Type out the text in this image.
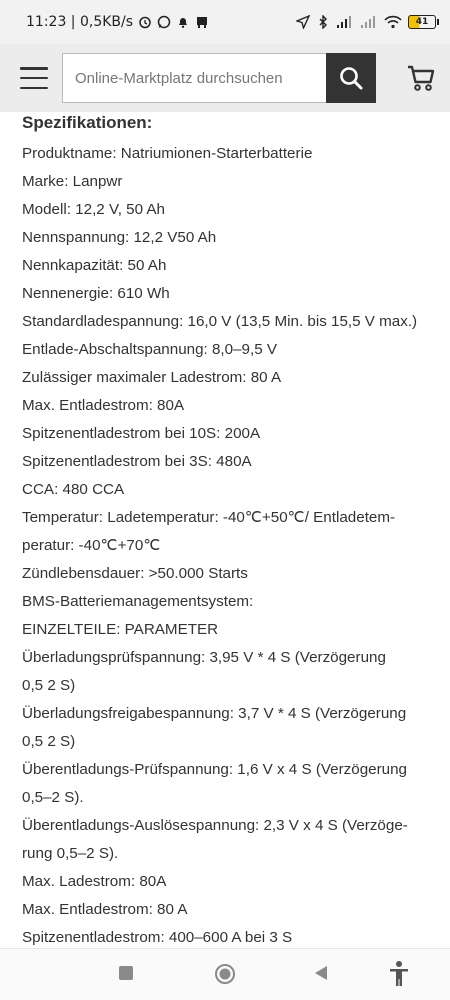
11:23 | 0,5KB/s	41
Online-Marktplatz durchsuchen
Spezifikationen:
Produktname: Natriumionen-Starterbatterie
Marke: Lanpwr
Modell: 12,2 V, 50 Ah
Nennspannung: 12,2 V50 Ah
Nennkapazität: 50 Ah
Nennenergie: 610 Wh
Standardladespannung: 16,0 V (13,5 Min. bis 15,5 V max.)
Entlade-Abschaltspannung: 8,0–9,5 V
Zulässiger maximaler Ladestrom: 80 A
Max. Entladestrom: 80A
Spitzenentladestrom bei 10S: 200A
Spitzenentladestrom bei 3S: 480A
CCA: 480 CCA
Temperatur: Ladetemperatur: -40℃+50℃/ Entladetem-
peratur: -40℃+70℃
Zündlebensdauer: >50.000 Starts
BMS-Batteriemanagementsystem:
EINZELTEILE: PARAMETER
Überladungsprüfspannung: 3,95 V * 4 S (Verzögerung
0,5 2 S)
Überladungsfreigabespannung: 3,7 V * 4 S (Verzögerung
0,5 2 S)
Überentladungs-Prüfspannung: 1,6 V x 4 S (Verzögerung
0,5–2 S).
Überentladungs-Auslösespannung: 2,3 V x 4 S (Verzöge-
rung 0,5–2 S).
Max. Ladestrom: 80A
Max. Entladestrom: 80 A
Spitzenentladestrom: 400–600 A bei 3 S
